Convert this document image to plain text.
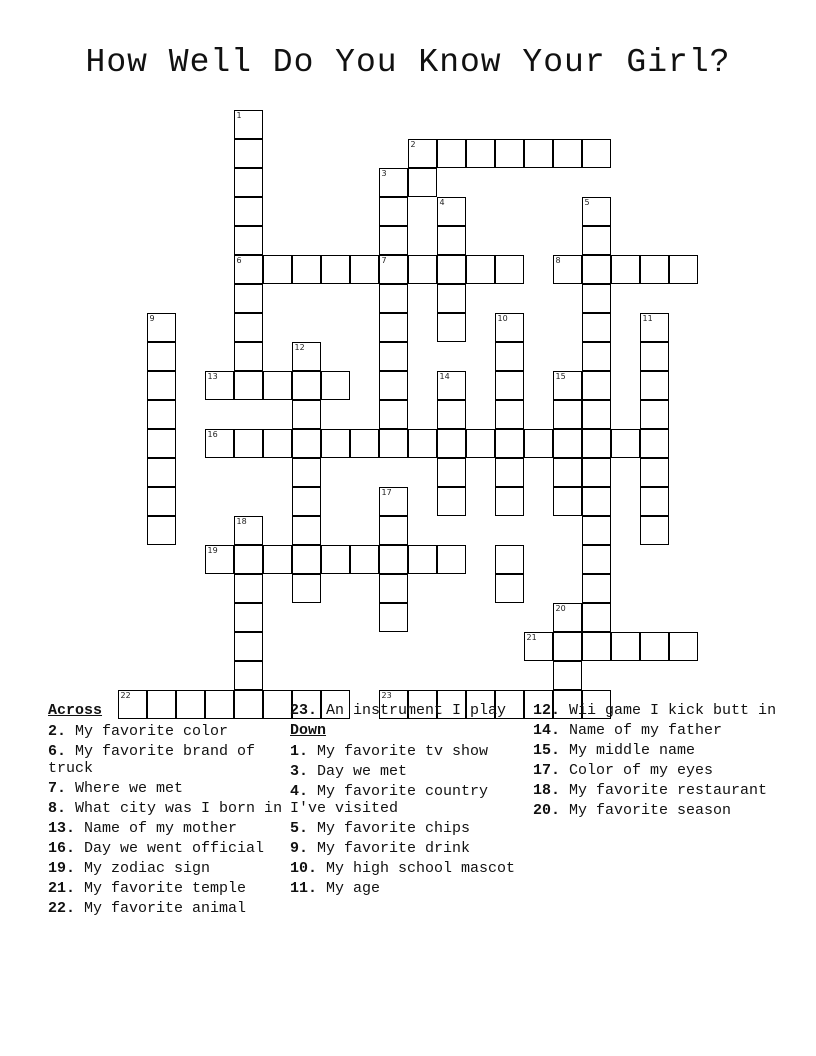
How Well Do You Know Your Girl?
1
2
3
4	5
6	7	8
9	10	11
12
13	14	15
16
17
18
19
20
21
22	23
Across
2. My favorite color
6. My favorite brand of truck
7. Where we met
8. What city was I born in
13. Name of my mother
16. Day we went official
19. My zodiac sign
21. My favorite temple
22. My favorite animal
23. An instrument I play
Down
1. My favorite tv show
3. Day we met
4. My favorite country I've visited
5. My favorite chips
9. My favorite drink
10. My high school mascot
11. My age
12. Wii game I kick butt in
14. Name of my father
15. My middle name
17. Color of my eyes
18. My favorite restaurant
20. My favorite season
